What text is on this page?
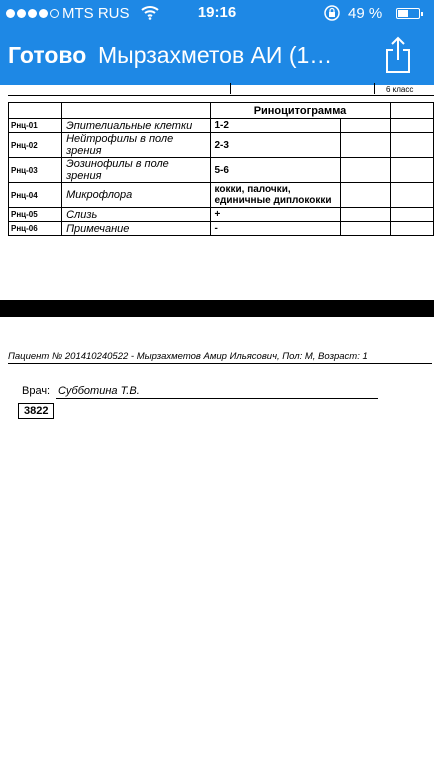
MTS RUS	19:16	49 %
Готово Мырзахметов АИ (1…
6 класс
		Риноцитограмма		
Рнц-01	Эпителиальные клетки	1-2		
Рнц-02	Нейтрофилы в поле зрения	2-3		
Рнц-03	Эозинофилы в поле зрения	5-6		
Рнц-04	Микрофлора	кокки, палочки,
единичные диплококки		

Рнц-05	Слизь	+		
Рнц-06	Примечание	-		
Пациент № 201410240522 - Мырзахметов Амир Ильясович, Пол: М, Возраст: 1
Врач: Субботина Т.В.
3822
